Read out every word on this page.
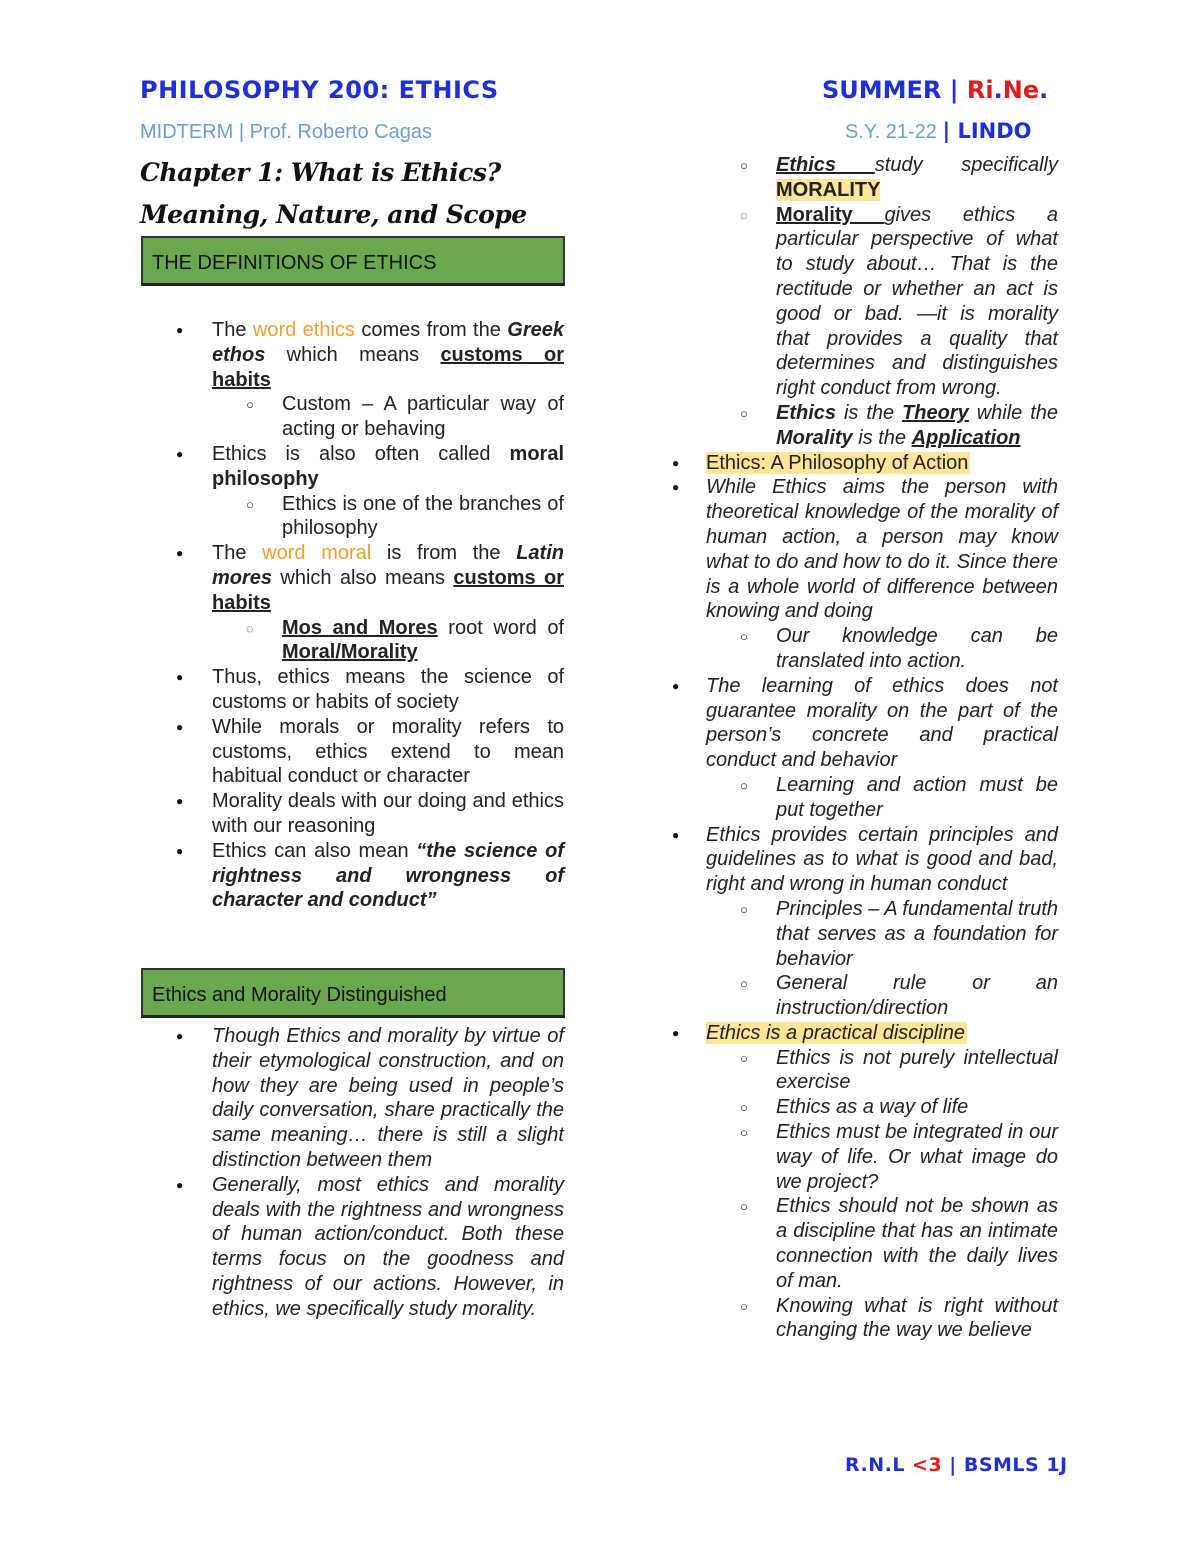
PHILOSOPHY 200: ETHICS	SUMMER | Ri.Ne.
MIDTERM | Prof. Roberto Cagas	S.Y. 21-22 | LINDO
Chapter 1: What is Ethics? Meaning, Nature, and Scope
THE DEFINITIONS OF ETHICS
● The word ethics comes from the Greek ethos which means customs or habits
○ Custom – A particular way of acting or behaving
● Ethics is also often called moral philosophy
○ Ethics is one of the branches of philosophy
● The word moral is from the Latin mores which also means customs or habits
◌ Mos and Mores root word of Moral/Morality
● Thus, ethics means the science of customs or habits of society
● While morals or morality refers to customs, ethics extend to mean habitual conduct or character
● Morality deals with our doing and ethics with our reasoning
● Ethics can also mean “the science of rightness and wrongness of character and conduct”
Ethics and Morality Distinguished
● Though Ethics and morality by virtue of their etymological construction, and on how they are being used in people’s daily conversation, share practically the same meaning… there is still a slight distinction between them
● Generally, most ethics and morality deals with the rightness and wrongness of human action/conduct. Both these terms focus on the goodness and rightness of our actions. However, in ethics, we specifically study morality.
○ Ethics study specifically MORALITY
◌ Morality gives ethics a particular perspective of what to study about… That is the rectitude or whether an act is good or bad. —it is morality that provides a quality that determines and distinguishes right conduct from wrong.
○ Ethics is the Theory while the Morality is the Application
● Ethics: A Philosophy of Action
● While Ethics aims the person with theoretical knowledge of the morality of human action, a person may know what to do and how to do it. Since there is a whole world of difference between knowing and doing
○ Our knowledge can be translated into action.
● The learning of ethics does not guarantee morality on the part of the person’s concrete and practical conduct and behavior
○ Learning and action must be put together
● Ethics provides certain principles and guidelines as to what is good and bad, right and wrong in human conduct
○ Principles – A fundamental truth that serves as a foundation for behavior
○ General rule or an instruction/direction
● Ethics is a practical discipline
○ Ethics is not purely intellectual exercise
○ Ethics as a way of life
○ Ethics must be integrated in our way of life. Or what image do we project?
○ Ethics should not be shown as a discipline that has an intimate connection with the daily lives of man.
○ Knowing what is right without changing the way we believe
R.N.L <3 | BSMLS 1J
